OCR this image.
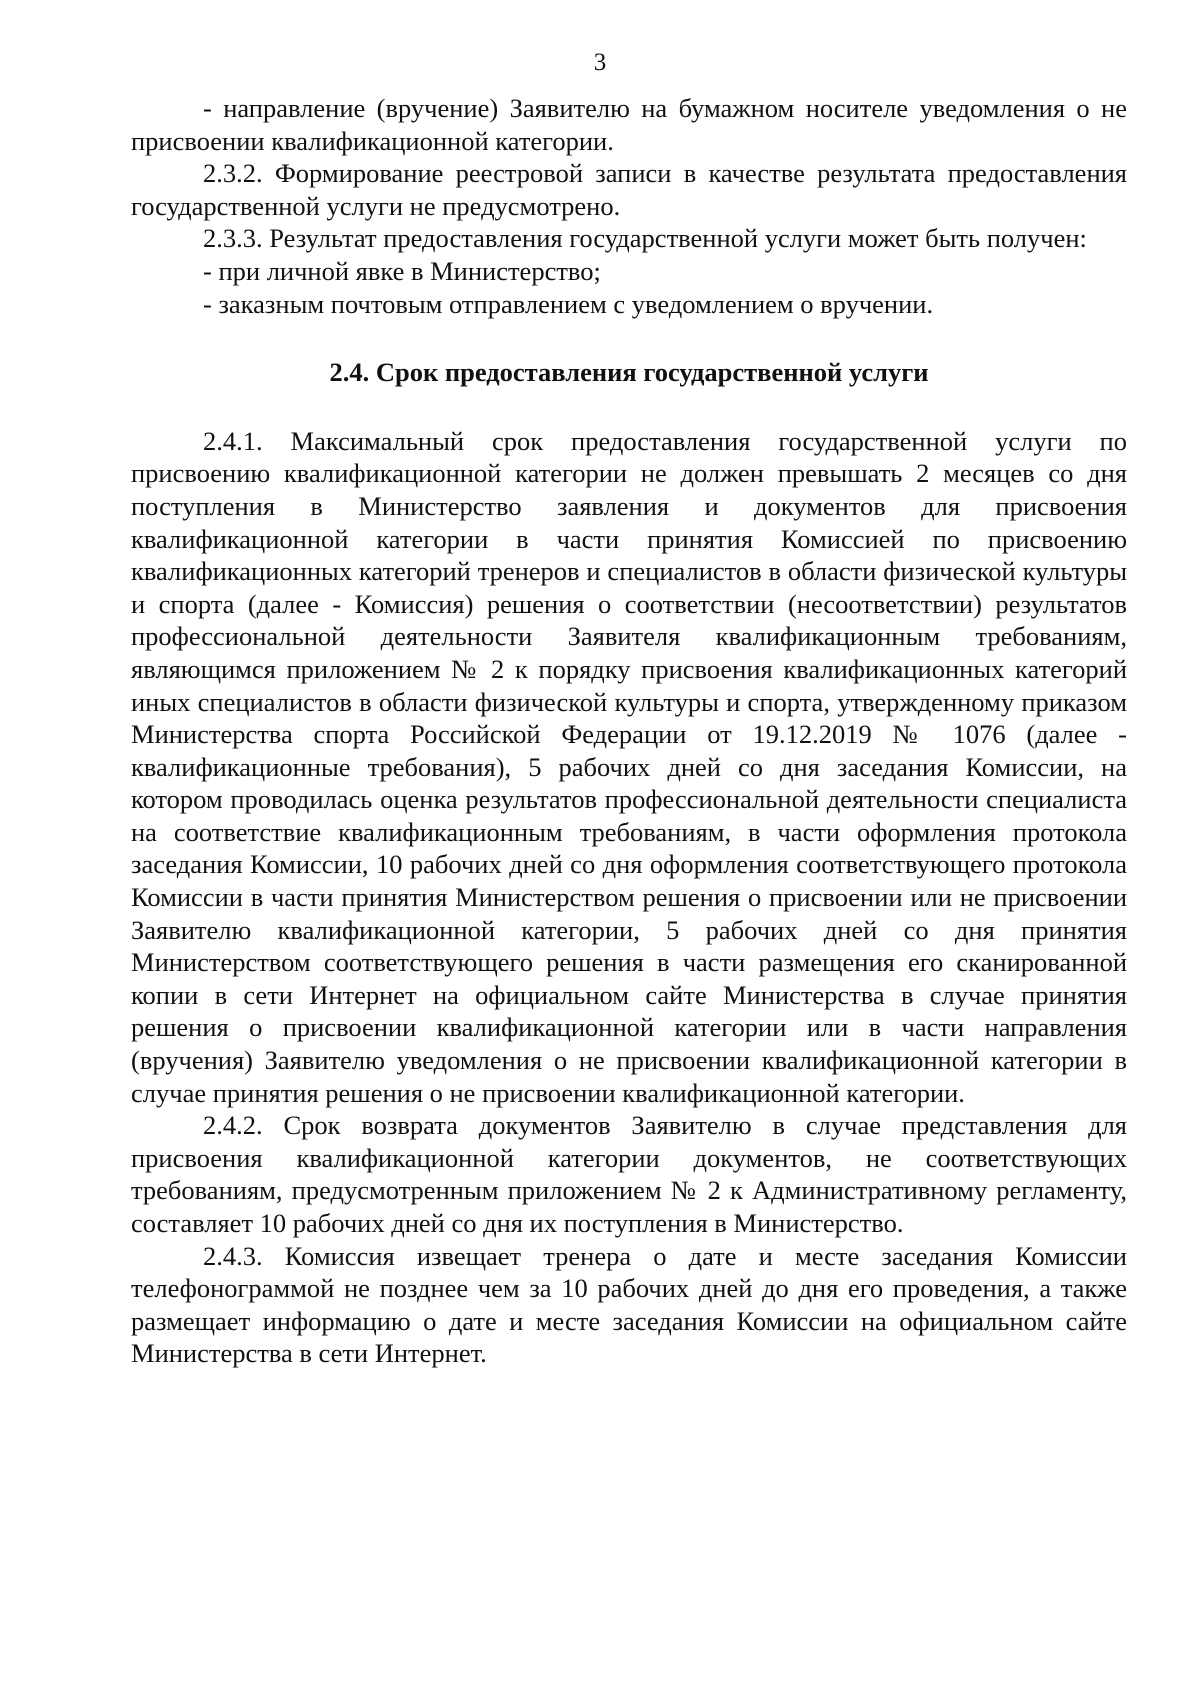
3

- направление (вручение) Заявителю на бумажном носителе уведомления о не присвоении квалификационной категории.

2.3.2. Формирование реестровой записи в качестве результата предоставления государственной услуги не предусмотрено.

2.3.3. Результат предоставления государственной услуги может быть получен:

- при личной явке в Министерство;

- заказным почтовым отправлением с уведомлением о вручении.

2.4. Срок предоставления государственной услуги

2.4.1. Максимальный срок предоставления государственной услуги по присвоению квалификационной категории не должен превышать 2 месяцев со дня поступления в Министерство заявления и документов для присвоения квалификационной категории в части принятия Комиссией по присвоению квалификационных категорий тренеров и специалистов в области физической культуры и спорта (далее - Комиссия) решения о соответствии (несоответствии) результатов профессиональной деятельности Заявителя квалификационным требованиям, являющимся приложением № 2 к порядку присвоения квалификационных категорий иных специалистов в области физической культуры и спорта, утвержденному приказом Министерства спорта Российской Федерации от 19.12.2019 № 1076 (далее - квалификационные требования), 5 рабочих дней со дня заседания Комиссии, на котором проводилась оценка результатов профессиональной деятельности специалиста на соответствие квалификационным требованиям, в части оформления протокола заседания Комиссии, 10 рабочих дней со дня оформления соответствующего протокола Комиссии в части принятия Министерством решения о присвоении или не присвоении Заявителю квалификационной категории, 5 рабочих дней со дня принятия Министерством соответствующего решения в части размещения его сканированной копии в сети Интернет на официальном сайте Министерства в случае принятия решения о присвоении квалификационной категории или в части направления (вручения) Заявителю уведомления о не присвоении квалификационной категории в случае принятия решения о не присвоении квалификационной категории.

2.4.2. Срок возврата документов Заявителю в случае представления для присвоения квалификационной категории документов, не соответствующих требованиям, предусмотренным приложением № 2 к Административному регламенту, составляет 10 рабочих дней со дня их поступления в Министерство.

2.4.3. Комиссия извещает тренера о дате и месте заседания Комиссии телефонограммой не позднее чем за 10 рабочих дней до дня его проведения, а также размещает информацию о дате и месте заседания Комиссии на официальном сайте Министерства в сети Интернет.
